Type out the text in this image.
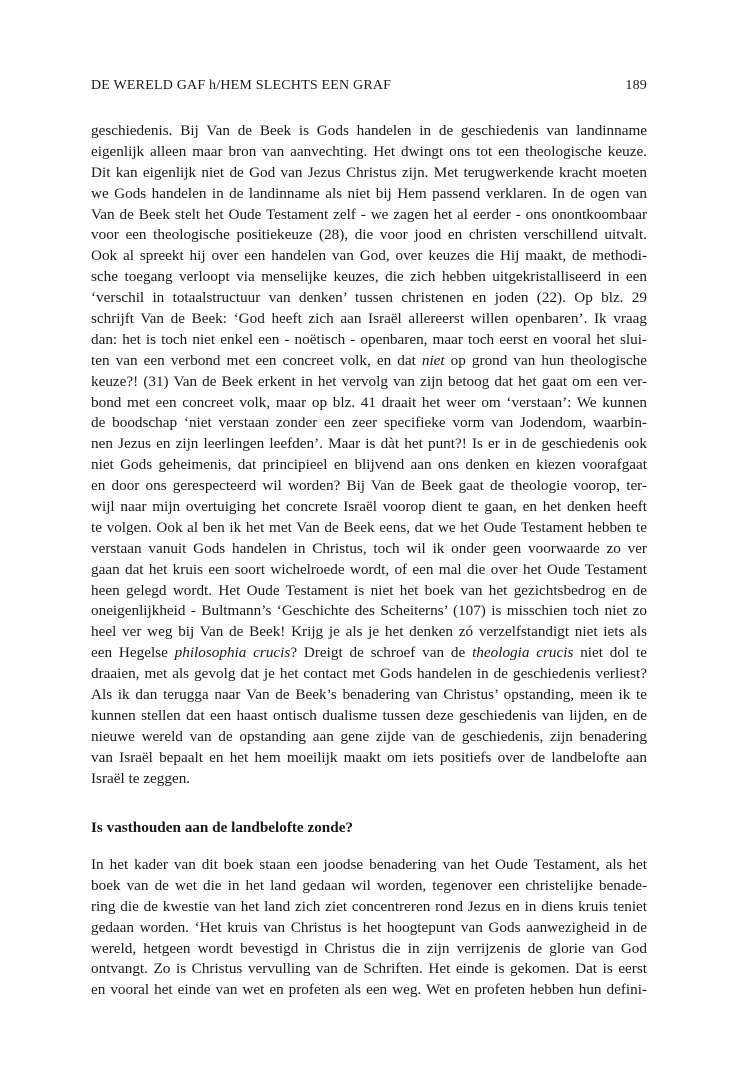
DE WERELD GAF h/HEM SLECHTS EEN GRAF	189
geschiedenis. Bij Van de Beek is Gods handelen in de geschiedenis van landinname
eigenlijk alleen maar bron van aanvechting. Het dwingt ons tot een theologische keuze.
Dit kan eigenlijk niet de God van Jezus Christus zijn. Met terugwerkende kracht moeten
we Gods handelen in de landinname als niet bij Hem passend verklaren. In de ogen van
Van de Beek stelt het Oude Testament zelf - we zagen het al eerder - ons onontkoombaar
voor een theologische positiekeuze (28), die voor jood en christen verschillend uitvalt.
Ook al spreekt hij over een handelen van God, over keuzes die Hij maakt, de methodi-
sche toegang verloopt via menselijke keuzes, die zich hebben uitgekristalliseerd in een
‘verschil in totaalstructuur van denken’ tussen christenen en joden (22). Op blz. 29
schrijft Van de Beek: ‘God heeft zich aan Israël allereerst willen openbaren’. Ik vraag
dan: het is toch niet enkel een - noëtisch - openbaren, maar toch eerst en vooral het slui-
ten van een verbond met een concreet volk, en dat niet op grond van hun theologische
keuze?! (31) Van de Beek erkent in het vervolg van zijn betoog dat het gaat om een ver-
bond met een concreet volk, maar op blz. 41 draait het weer om ‘verstaan’: We kunnen
de boodschap ‘niet verstaan zonder een zeer specifieke vorm van Jodendom, waarbin-
nen Jezus en zijn leerlingen leefden’. Maar is dàt het punt?! Is er in de geschiedenis ook
niet Gods geheimenis, dat principieel en blijvend aan ons denken en kiezen voorafgaat
en door ons gerespecteerd wil worden? Bij Van de Beek gaat de theologie voorop, ter-
wijl naar mijn overtuiging het concrete Israël voorop dient te gaan, en het denken heeft
te volgen. Ook al ben ik het met Van de Beek eens, dat we het Oude Testament hebben te
verstaan vanuit Gods handelen in Christus, toch wil ik onder geen voorwaarde zo ver
gaan dat het kruis een soort wichelroede wordt, of een mal die over het Oude Testament
heen gelegd wordt. Het Oude Testament is niet het boek van het gezichtsbedrog en de
oneigenlijkheid - Bultmann’s ‘Geschichte des Scheiterns’ (107) is misschien toch niet zo
heel ver weg bij Van de Beek! Krijg je als je het denken zó verzelfstandigt niet iets als
een Hegelse philosophia crucis? Dreigt de schroef van de theologia crucis niet dol te
draaien, met als gevolg dat je het contact met Gods handelen in de geschiedenis verliest?
Als ik dan terugga naar Van de Beek’s benadering van Christus’ opstanding, meen ik te
kunnen stellen dat een haast ontisch dualisme tussen deze geschiedenis van lijden, en de
nieuwe wereld van de opstanding aan gene zijde van de geschiedenis, zijn benadering
van Israël bepaalt en het hem moeilijk maakt om iets positiefs over de landbelofte aan
Israël te zeggen.
Is vasthouden aan de landbelofte zonde?
In het kader van dit boek staan een joodse benadering van het Oude Testament, als het
boek van de wet die in het land gedaan wil worden, tegenover een christelijke benade-
ring die de kwestie van het land zich ziet concentreren rond Jezus en in diens kruis teniet
gedaan worden. ‘Het kruis van Christus is het hoogtepunt van Gods aanwezigheid in de
wereld, hetgeen wordt bevestigd in Christus die in zijn verrijzenis de glorie van God
ontvangt. Zo is Christus vervulling van de Schriften. Het einde is gekomen. Dat is eerst
en vooral het einde van wet en profeten als een weg. Wet en profeten hebben hun defini-
